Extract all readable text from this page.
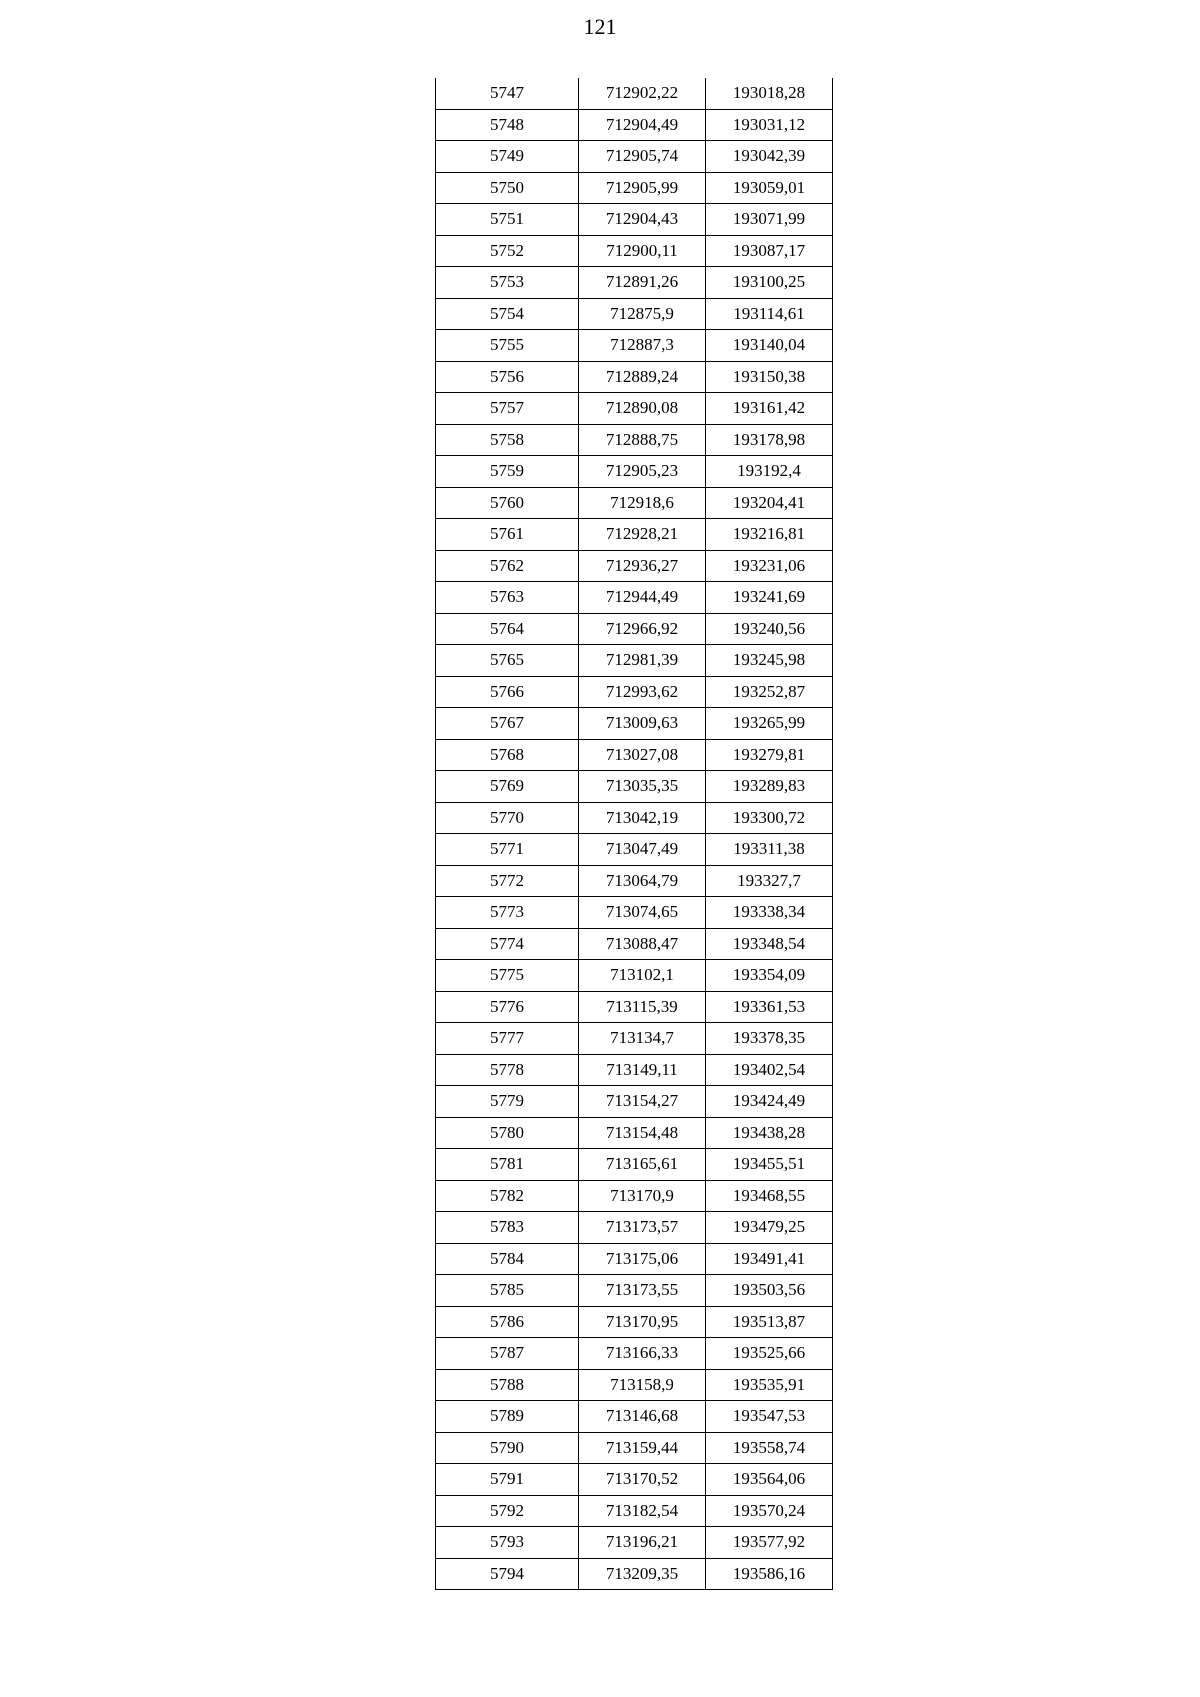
121
5747	712902,22	193018,28
5748	712904,49	193031,12
5749	712905,74	193042,39
5750	712905,99	193059,01
5751	712904,43	193071,99
5752	712900,11	193087,17
5753	712891,26	193100,25
5754	712875,9	193114,61
5755	712887,3	193140,04
5756	712889,24	193150,38
5757	712890,08	193161,42
5758	712888,75	193178,98
5759	712905,23	193192,4
5760	712918,6	193204,41
5761	712928,21	193216,81
5762	712936,27	193231,06
5763	712944,49	193241,69
5764	712966,92	193240,56
5765	712981,39	193245,98
5766	712993,62	193252,87
5767	713009,63	193265,99
5768	713027,08	193279,81
5769	713035,35	193289,83
5770	713042,19	193300,72
5771	713047,49	193311,38
5772	713064,79	193327,7
5773	713074,65	193338,34
5774	713088,47	193348,54
5775	713102,1	193354,09
5776	713115,39	193361,53
5777	713134,7	193378,35
5778	713149,11	193402,54
5779	713154,27	193424,49
5780	713154,48	193438,28
5781	713165,61	193455,51
5782	713170,9	193468,55
5783	713173,57	193479,25
5784	713175,06	193491,41
5785	713173,55	193503,56
5786	713170,95	193513,87
5787	713166,33	193525,66
5788	713158,9	193535,91
5789	713146,68	193547,53
5790	713159,44	193558,74
5791	713170,52	193564,06
5792	713182,54	193570,24
5793	713196,21	193577,92
5794	713209,35	193586,16
